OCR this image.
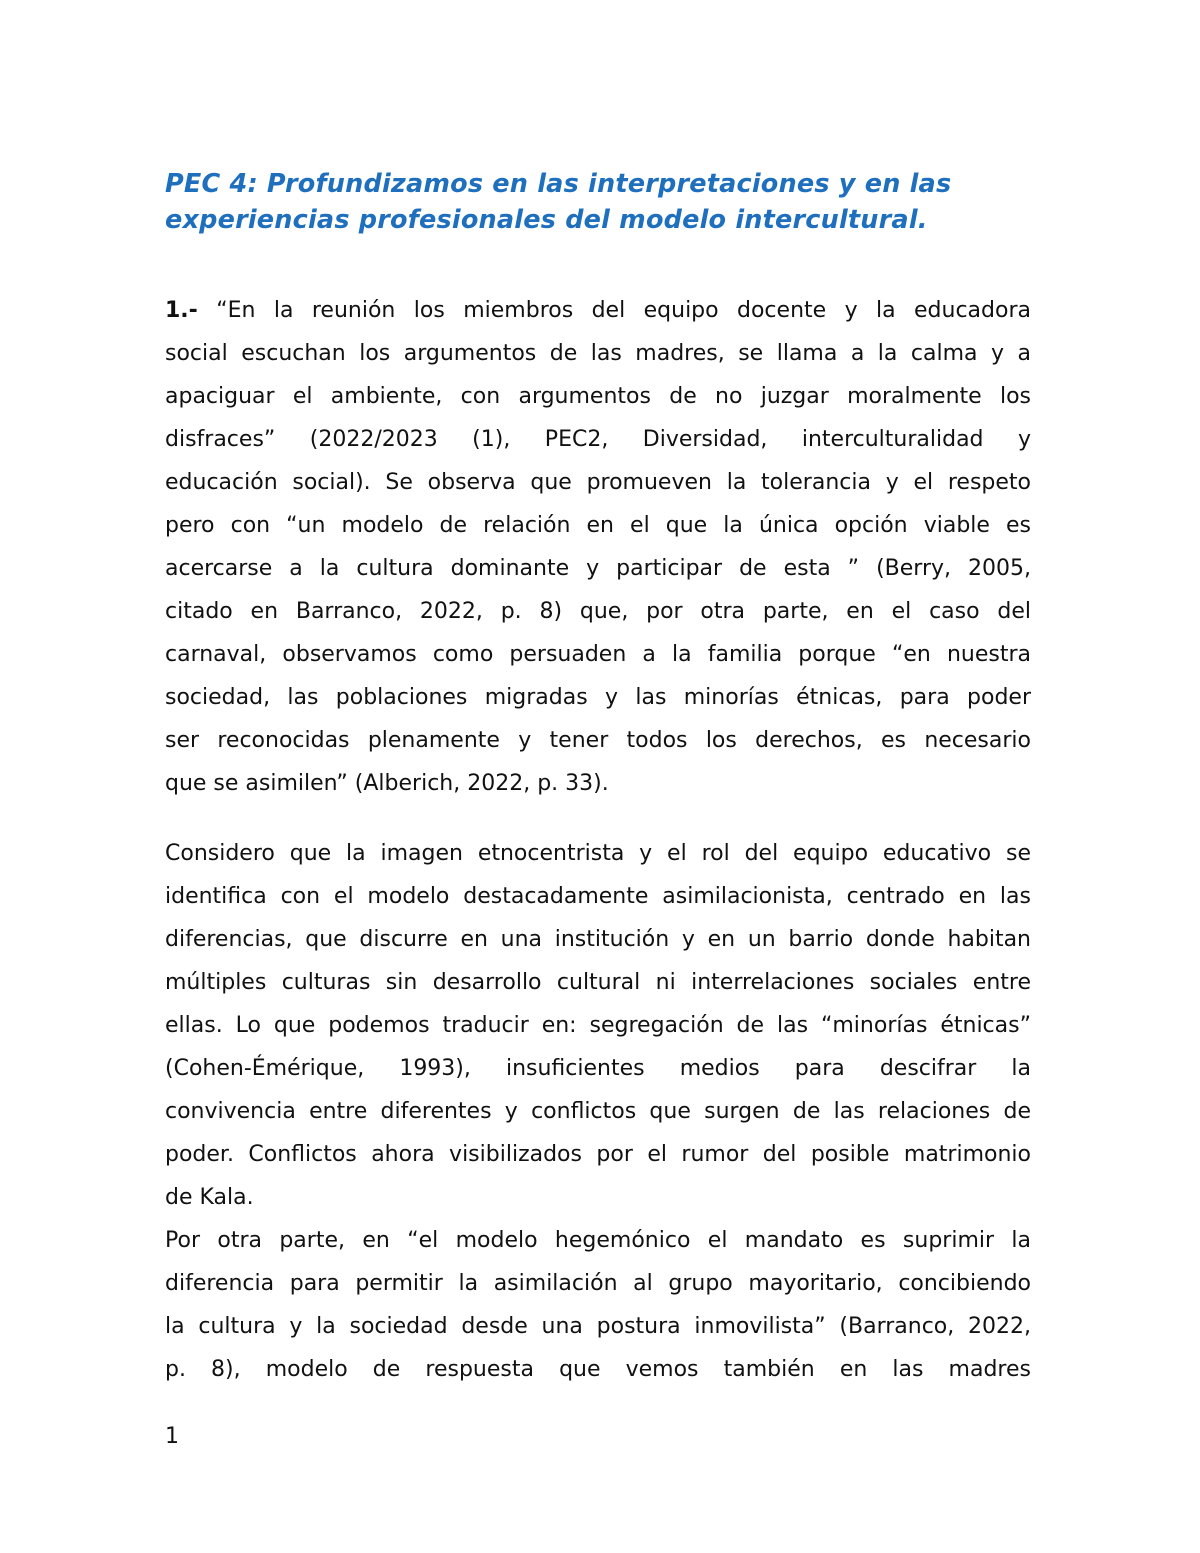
PEC 4: Profundizamos en las interpretaciones y en las
experiencias profesionales del modelo intercultural.
1.- “En la reunión los miembros del equipo docente y la educadora
social escuchan los argumentos de las madres, se llama a la calma y a
apaciguar el ambiente, con argumentos de no juzgar moralmente los
disfraces” (2022/2023 (1), PEC2, Diversidad, interculturalidad y
educación social). Se observa que promueven la tolerancia y el respeto
pero con “un modelo de relación en el que la única opción viable es
acercarse a la cultura dominante y participar de esta ” (Berry, 2005,
citado en Barranco, 2022, p. 8) que, por otra parte, en el caso del
carnaval, observamos como persuaden a la familia porque “en nuestra
sociedad, las poblaciones migradas y las minorías étnicas, para poder
ser reconocidas plenamente y tener todos los derechos, es necesario
que se asimilen” (Alberich, 2022, p. 33).
Considero que la imagen etnocentrista y el rol del equipo educativo se
identifica con el modelo destacadamente asimilacionista, centrado en las
diferencias, que discurre en una institución y en un barrio donde habitan
múltiples culturas sin desarrollo cultural ni interrelaciones sociales entre
ellas. Lo que podemos traducir en: segregación de las “minorías étnicas”
(Cohen-Émérique, 1993), insuficientes medios para descifrar la
convivencia entre diferentes y conflictos que surgen de las relaciones de
poder. Conflictos ahora visibilizados por el rumor del posible matrimonio
de Kala.
Por otra parte, en “el modelo hegemónico el mandato es suprimir la
diferencia para permitir la asimilación al grupo mayoritario, concibiendo
la cultura y la sociedad desde una postura inmovilista” (Barranco, 2022,
p. 8), modelo de respuesta que vemos también en las madres
1
